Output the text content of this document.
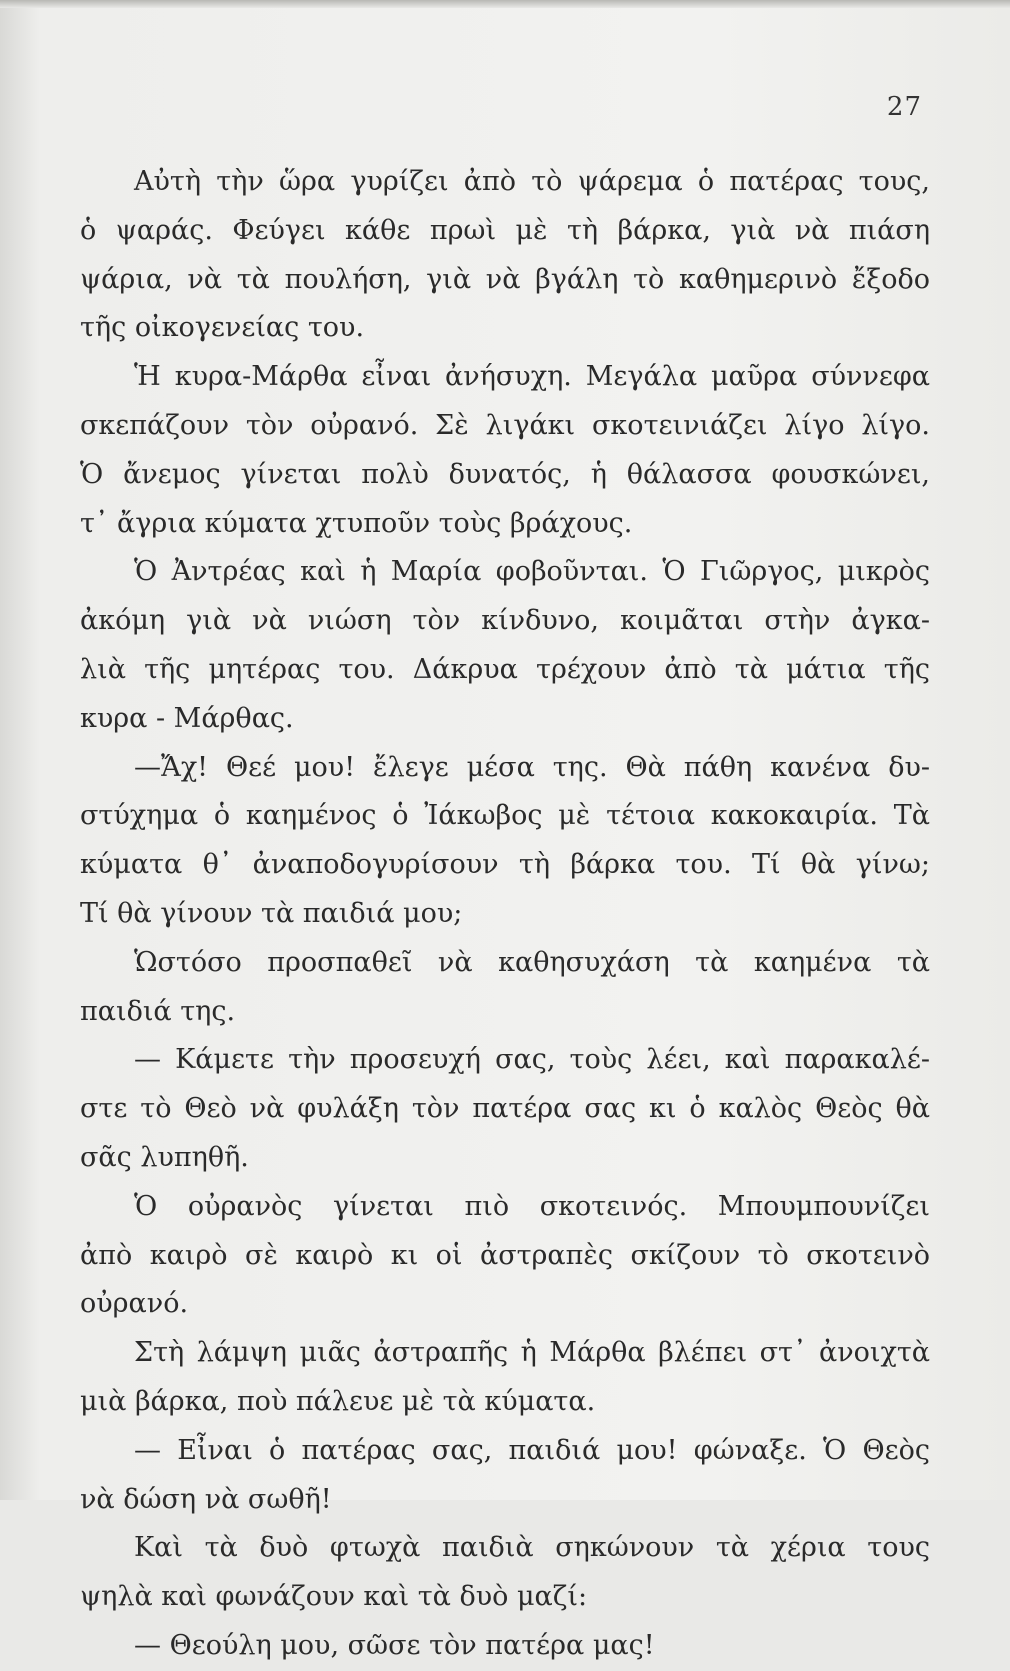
27
Αὐτὴ τὴν ὥρα γυρίζει ἀπὸ τὸ ψάρεμα ὁ πατέρας τους,
ὁ ψαράς. Φεύγει κάθε πρωὶ μὲ τὴ βάρκα, γιὰ νὰ πιάση
ψάρια, νὰ τὰ πουλήση, γιὰ νὰ βγάλη τὸ καθημερινὸ ἔξοδο
τῆς οἰκογενείας του.
Ἡ κυρα-Μάρθα εἶναι ἀνήσυχη. Μεγάλα μαῦρα σύννεφα
σκεπάζουν τὸν οὐρανό. Σὲ λιγάκι σκοτεινιάζει λίγο λίγο.
Ὁ ἄνεμος γίνεται πολὺ δυνατός, ἡ θάλασσα φουσκώνει,
τ᾽ ἄγρια κύματα χτυποῦν τοὺς βράχους.
Ὁ Ἀντρέας καὶ ἡ Μαρία φοβοῦνται. Ὁ Γιῶργος, μικρὸς
ἀκόμη γιὰ νὰ νιώση τὸν κίνδυνο, κοιμᾶται στὴν ἀγκα-
λιὰ τῆς μητέρας του. Δάκρυα τρέχουν ἀπὸ τὰ μάτια τῆς
κυρα - Μάρθας.
—Ἄχ! Θεέ μου! ἔλεγε μέσα της. Θὰ πάθη κανένα δυ-
στύχημα ὁ καημένος ὁ Ἰάκωβος μὲ τέτοια κακοκαιρία. Τὰ
κύματα θ᾽ ἀναποδογυρίσουν τὴ βάρκα του. Τί θὰ γίνω;
Τί θὰ γίνουν τὰ παιδιά μου;
Ὡστόσο προσπαθεῖ νὰ καθησυχάση τὰ καημένα τὰ
παιδιά της.
— Κάμετε τὴν προσευχή σας, τοὺς λέει, καὶ παρακαλέ-
στε τὸ Θεὸ νὰ φυλάξη τὸν πατέρα σας κι ὁ καλὸς Θεὸς θὰ
σᾶς λυπηθῆ.
Ὁ οὐρανὸς γίνεται πιὸ σκοτεινός. Μπουμπουνίζει
ἀπὸ καιρὸ σὲ καιρὸ κι οἱ ἀστραπὲς σκίζουν τὸ σκοτεινὸ
οὐρανό.
Στὴ λάμψη μιᾶς ἀστραπῆς ἡ Μάρθα βλέπει στ᾽ ἀνοιχτὰ
μιὰ βάρκα, ποὺ πάλευε μὲ τὰ κύματα.
— Εἶναι ὁ πατέρας σας, παιδιά μου! φώναξε. Ὁ Θεὸς
νὰ δώση νὰ σωθῆ!
Καὶ τὰ δυὸ φτωχὰ παιδιὰ σηκώνουν τὰ χέρια τους
ψηλὰ καὶ φωνάζουν καὶ τὰ δυὸ μαζί:
— Θεούλη μου, σῶσε τὸν πατέρα μας!
